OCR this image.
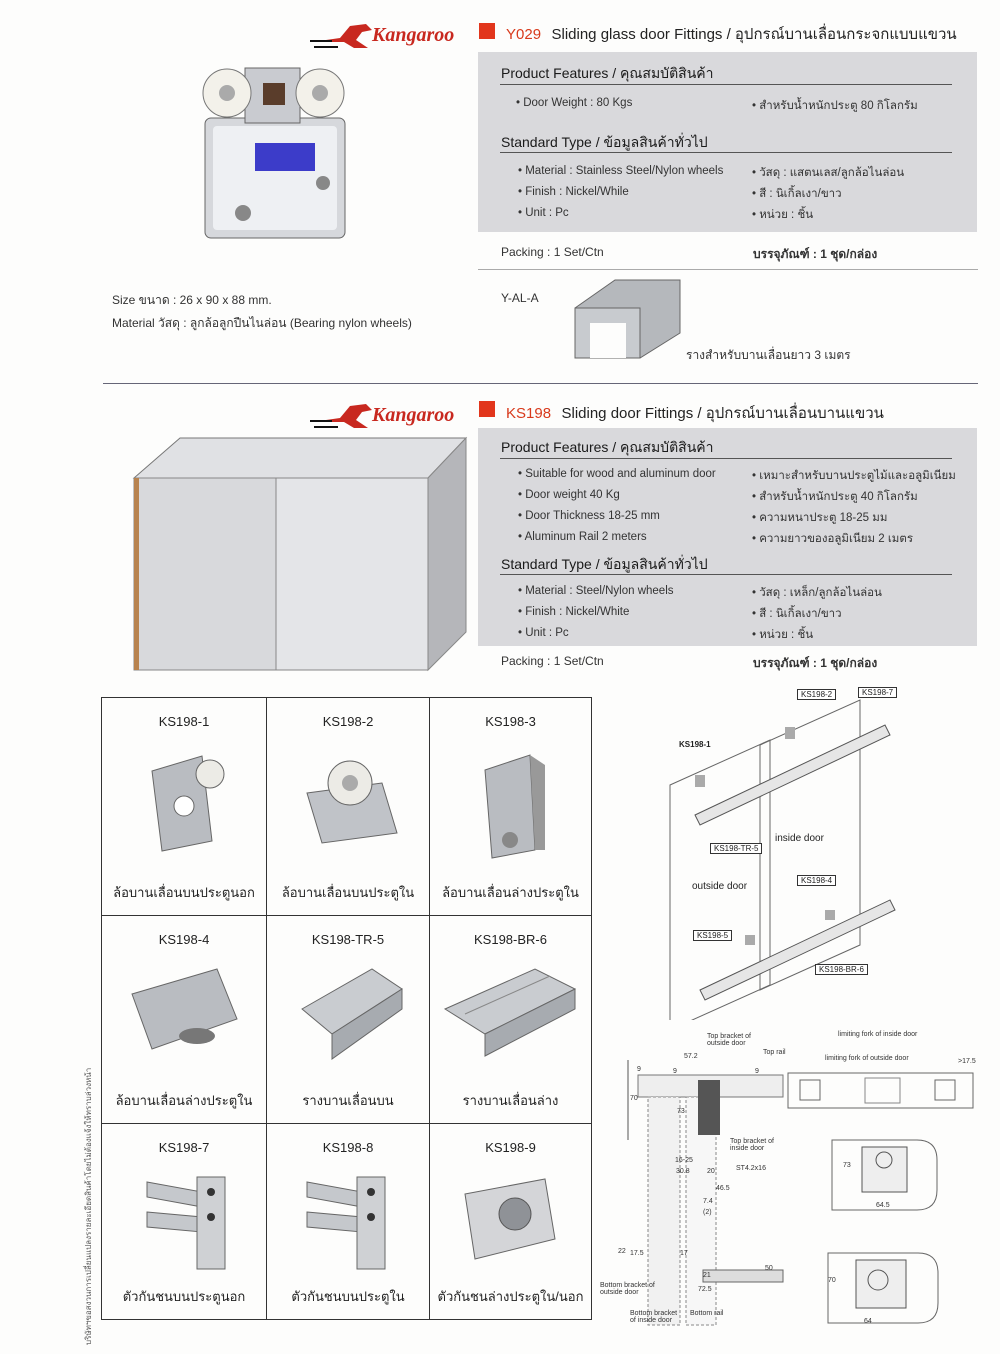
Kangaroo	Y029 Sliding glass door Fittings / อุปกรณ์บานเลื่อนกระจกแบบแขวน
Size ขนาด : 26 x 90 x 88 mm.
Material วัสดุ : ลูกล้อลูกปืนไนล่อน (Bearing nylon wheels)
Product Features / คุณสมบัติสินค้า
• Door Weight : 80 Kgs	• สำหรับน้ำหนักประตู 80 กิโลกรัม
Standard Type / ข้อมูลสินค้าทั่วไป
• Material : Stainless Steel/Nylon wheels • วัสดุ : แสตนเลส/ลูกล้อไนล่อน
• Finish : Nickel/While	• สี : นิเกิ้ลเงา/ขาว
• Unit : Pc	• หน่วย : ชิ้น
Packing : 1 Set/Ctn	บรรจุภัณฑ์ : 1 ชุด/กล่อง
Y-AL-A
รางสำหรับบานเลื่อนยาว 3 เมตร
Kangaroo	KS198 Sliding door Fittings / อุปกรณ์บานเลื่อนบานแขวน
Product Features / คุณสมบัติสินค้า
• Suitable for wood and aluminum door	• เหมาะสำหรับบานประตูไม้และอลูมิเนียม
• Door weight 40 Kg	• สำหรับน้ำหนักประตู 40 กิโลกรัม
• Door Thickness 18-25 mm	• ความหนาประตู 18-25 มม
• Aluminum Rail 2 meters	• ความยาวของอลูมิเนียม 2 เมตร
Standard Type / ข้อมูลสินค้าทั่วไป
• Material : Steel/Nylon wheels	• วัสดุ : เหล็ก/ลูกล้อไนล่อน
• Finish : Nickel/White	• สี : นิเกิ้ลเงา/ขาว
• Unit : Pc	• หน่วย : ชิ้น
Packing : 1 Set/Ctn	บรรจุภัณฑ์ : 1 ชุด/กล่อง
KS198-1
ล้อบานเลื่อนบนประตูนอก
KS198-2
ล้อบานเลื่อนบนประตูใน
KS198-3
ล้อบานเลื่อนล่างประตูใน
KS198-4
ล้อบานเลื่อนล่างประตูใน
KS198-TR-5
รางบานเลื่อนบน
KS198-BR-6
รางบานเลื่อนล่าง
KS198-7
ตัวกันชนบนประตูนอก
KS198-8
ตัวกันชนบนประตูใน
KS198-9
ตัวกันชนล่างประตูใน/นอก
KS198-1
KS198-2	KS198-7
KS198-TR-5
KS198-4
KS198-5
KS198-BR-6
inside door
outside door
Top bracket of outside door
Top rail
Top bracket of inside door
ST4.2x16
Bottom bracket of outside door
Bottom bracket of inside door
Bottom rail
57.2
9	9	9
70
73
16-25
30.8 20
46.5
7.4
(2)
22 17.5	17
21
72.5
50
limiting fork of inside door
limiting fork of outside door	>17.5
73
64.5
70
64
บริษัทฯขอสงวนการเปลี่ยนแปลงรายละเอียดสินค้าโดยไม่ต้องแจ้งให้ทราบล่วงหน้า
